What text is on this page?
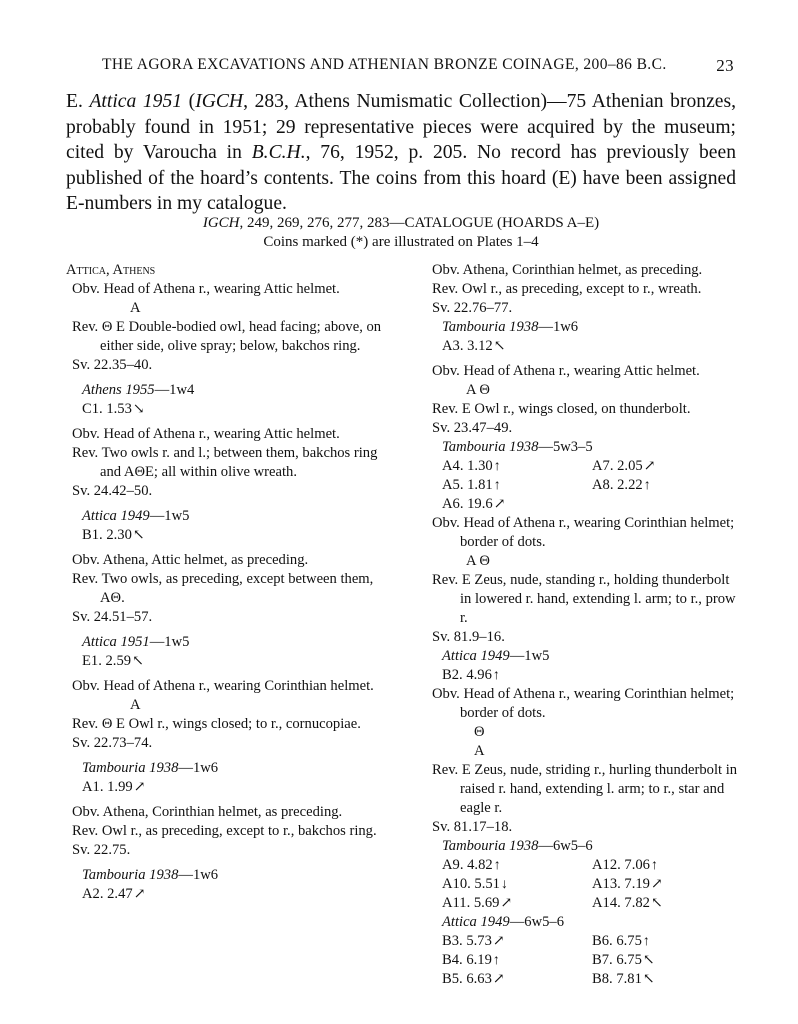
THE AGORA EXCAVATIONS AND ATHENIAN BRONZE COINAGE, 200–86 B.C.	23
E. Attica 1951 (IGCH, 283, Athens Numismatic Collection)—75 Athenian bronzes, probably found in 1951; 29 representative pieces were acquired by the museum; cited by Varoucha in B.C.H., 76, 1952, p. 205. No record has previously been published of the hoard’s contents. The coins from this hoard (E) have been assigned E-numbers in my catalogue.
IGCH, 249, 269, 276, 277, 283—CATALOGUE (HOARDS A–E)
Coins marked (*) are illustrated on Plates 1–4
Attica, Athens
Obv. Head of Athena r., wearing Attic helmet.
A
Rev. Θ E Double-bodied owl, head facing; above, on either side, olive spray; below, bakchos ring.
Sv. 22.35–40.
Athens 1955—1w4
C1. 1.53↘
Obv. Head of Athena r., wearing Attic helmet.
Rev. Two owls r. and l.; between them, bakchos ring and AΘE; all within olive wreath.
Sv. 24.42–50.
Attica 1949—1w5
B1. 2.30↖
Obv. Athena, Attic helmet, as preceding.
Rev. Two owls, as preceding, except between them, AΘ.
Sv. 24.51–57.
Attica 1951—1w5
E1. 2.59↖
Obv. Head of Athena r., wearing Corinthian helmet.
A
Rev. Θ E Owl r., wings closed; to r., cornucopiae.
Sv. 22.73–74.
Tambouria 1938—1w6
A1. 1.99↗
Obv. Athena, Corinthian helmet, as preceding.
Rev. Owl r., as preceding, except to r., bakchos ring.
Sv. 22.75.
Tambouria 1938—1w6
A2. 2.47↗
Obv. Athena, Corinthian helmet, as preceding.
Rev. Owl r., as preceding, except to r., wreath.
Sv. 22.76–77.
Tambouria 1938—1w6
A3. 3.12↖
Obv. Head of Athena r., wearing Attic helmet.
A Θ
Rev. E Owl r., wings closed, on thunderbolt.
Sv. 23.47–49.
Tambouria 1938—5w3–5
A4. 1.30↑	A7. 2.05↗
A5. 1.81↑	A8. 2.22↑
A6. 19.6↗
Obv. Head of Athena r., wearing Corinthian helmet; border of dots.
A Θ
Rev. E Zeus, nude, standing r., holding thunderbolt in lowered r. hand, extending l. arm; to r., prow r.
Sv. 81.9–16.
Attica 1949—1w5
B2. 4.96↑
Obv. Head of Athena r., wearing Corinthian helmet; border of dots.
Θ
A
Rev. E Zeus, nude, striding r., hurling thunderbolt in raised r. hand, extending l. arm; to r., star and eagle r.
Sv. 81.17–18.
Tambouria 1938—6w5–6
A9. 4.82↑	A12. 7.06↑
A10. 5.51↓	A13. 7.19↗
A11. 5.69↗	A14. 7.82↖
Attica 1949—6w5–6
B3. 5.73↗	B6. 6.75↑
B4. 6.19↑	B7. 6.75↖
B5. 6.63↗	B8. 7.81↖
